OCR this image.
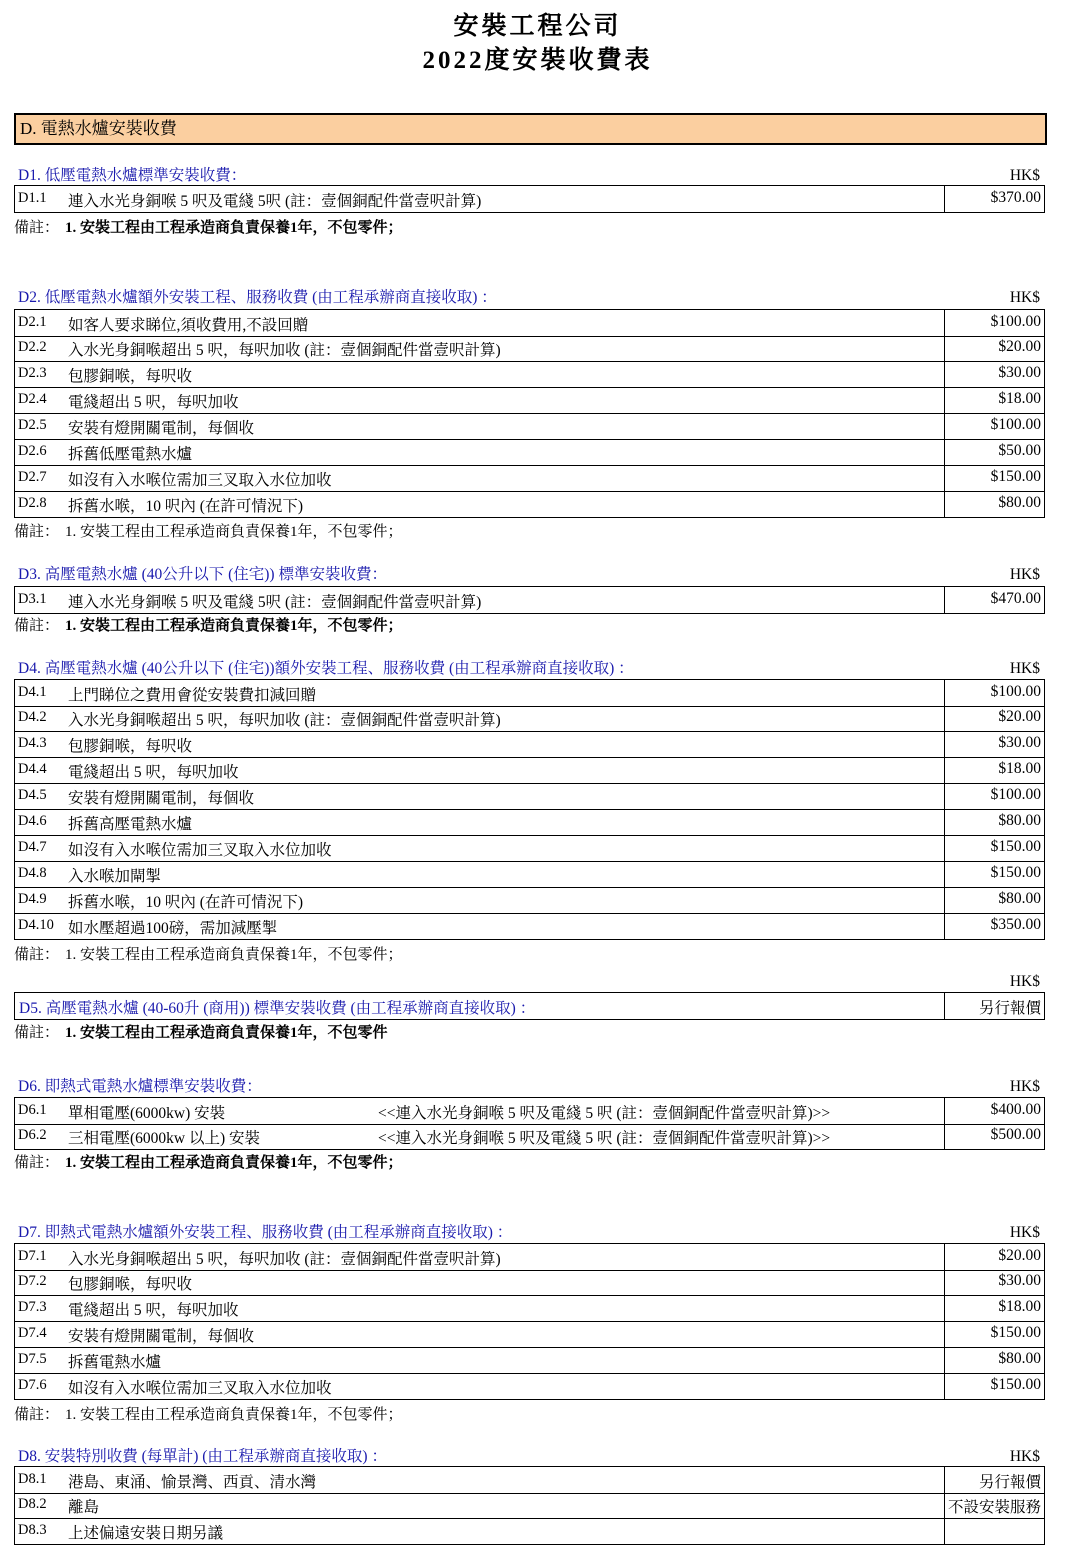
安裝工程公司
2022度安裝收費表
D. 電熱水爐安裝收費
D1. 低壓電熱水爐標準安裝收費：	HK$
D1.1 連入水光身銅喉 5 呎及電綫 5呎 (註：壹個銅配件當壹呎計算)	$370.00
備註： 1. 安裝工程由工程承造商負責保養1年，不包零件；
D2. 低壓電熱水爐額外安裝工程、服務收費 (由工程承辦商直接收取) ：	HK$
D2.1 如客人要求睇位,須收費用,不設回贈	$100.00
D2.2 入水光身銅喉超出 5 呎，每呎加收 (註：壹個銅配件當壹呎計算)	$20.00
D2.3 包膠銅喉，每呎收	$30.00
D2.4 電綫超出 5 呎，每呎加收	$18.00
D2.5 安裝有燈開關電制，每個收	$100.00
D2.6 拆舊低壓電熱水爐	$50.00
D2.7 如沒有入水喉位需加三叉取入水位加收	$150.00
D2.8 拆舊水喉，10 呎內 (在許可情況下)	$80.00
備註： 1. 安裝工程由工程承造商負責保養1年，不包零件；
D3. 高壓電熱水爐 (40公升以下 (住宅)) 標準安裝收費：	HK$
D3.1 連入水光身銅喉 5 呎及電綫 5呎 (註：壹個銅配件當壹呎計算)	$470.00
備註： 1. 安裝工程由工程承造商負責保養1年，不包零件；
D4. 高壓電熱水爐 (40公升以下 (住宅))額外安裝工程、服務收費 (由工程承辦商直接收取) ：	HK$
D4.1 上門睇位之費用會從安裝費扣減回贈	$100.00
D4.2 入水光身銅喉超出 5 呎，每呎加收 (註：壹個銅配件當壹呎計算)	$20.00
D4.3 包膠銅喉，每呎收	$30.00
D4.4 電綫超出 5 呎，每呎加收	$18.00
D4.5 安裝有燈開關電制，每個收	$100.00
D4.6 拆舊高壓電熱水爐	$80.00
D4.7 如沒有入水喉位需加三叉取入水位加收	$150.00
D4.8 入水喉加閘掣	$150.00
D4.9 拆舊水喉，10 呎內 (在許可情況下)	$80.00
D4.10 如水壓超過100磅，需加減壓掣	$350.00
備註： 1. 安裝工程由工程承造商負責保養1年，不包零件；
HK$
D5. 高壓電熱水爐 (40-60升 (商用)) 標準安裝收費 (由工程承辦商直接收取) ：	另行報價
備註： 1. 安裝工程由工程承造商負責保養1年，不包零件
D6. 即熱式電熱水爐標準安裝收費：	HK$
D6.1 單相電壓(6000kw) 安裝	<<連入水光身銅喉 5 呎及電綫 5 呎 (註：壹個銅配件當壹呎計算)>>	$400.00
D6.2 三相電壓(6000kw 以上) 安裝	<<連入水光身銅喉 5 呎及電綫 5 呎 (註：壹個銅配件當壹呎計算)>>	$500.00
備註： 1. 安裝工程由工程承造商負責保養1年，不包零件；
D7. 即熱式電熱水爐額外安裝工程、服務收費 (由工程承辦商直接收取) ：	HK$
D7.1 入水光身銅喉超出 5 呎，每呎加收 (註：壹個銅配件當壹呎計算)	$20.00
D7.2 包膠銅喉，每呎收	$30.00
D7.3 電綫超出 5 呎，每呎加收	$18.00
D7.4 安裝有燈開關電制，每個收	$150.00
D7.5 拆舊電熱水爐	$80.00
D7.6 如沒有入水喉位需加三叉取入水位加收	$150.00
備註： 1. 安裝工程由工程承造商負責保養1年，不包零件；
D8. 安裝特別收費 (每單計) (由工程承辦商直接收取) ：	HK$
D8.1 港島、東涌、愉景灣、西貢、清水灣	另行報價
D8.2 離島	不設安裝服務
D8.3 上述偏遠安裝日期另議
